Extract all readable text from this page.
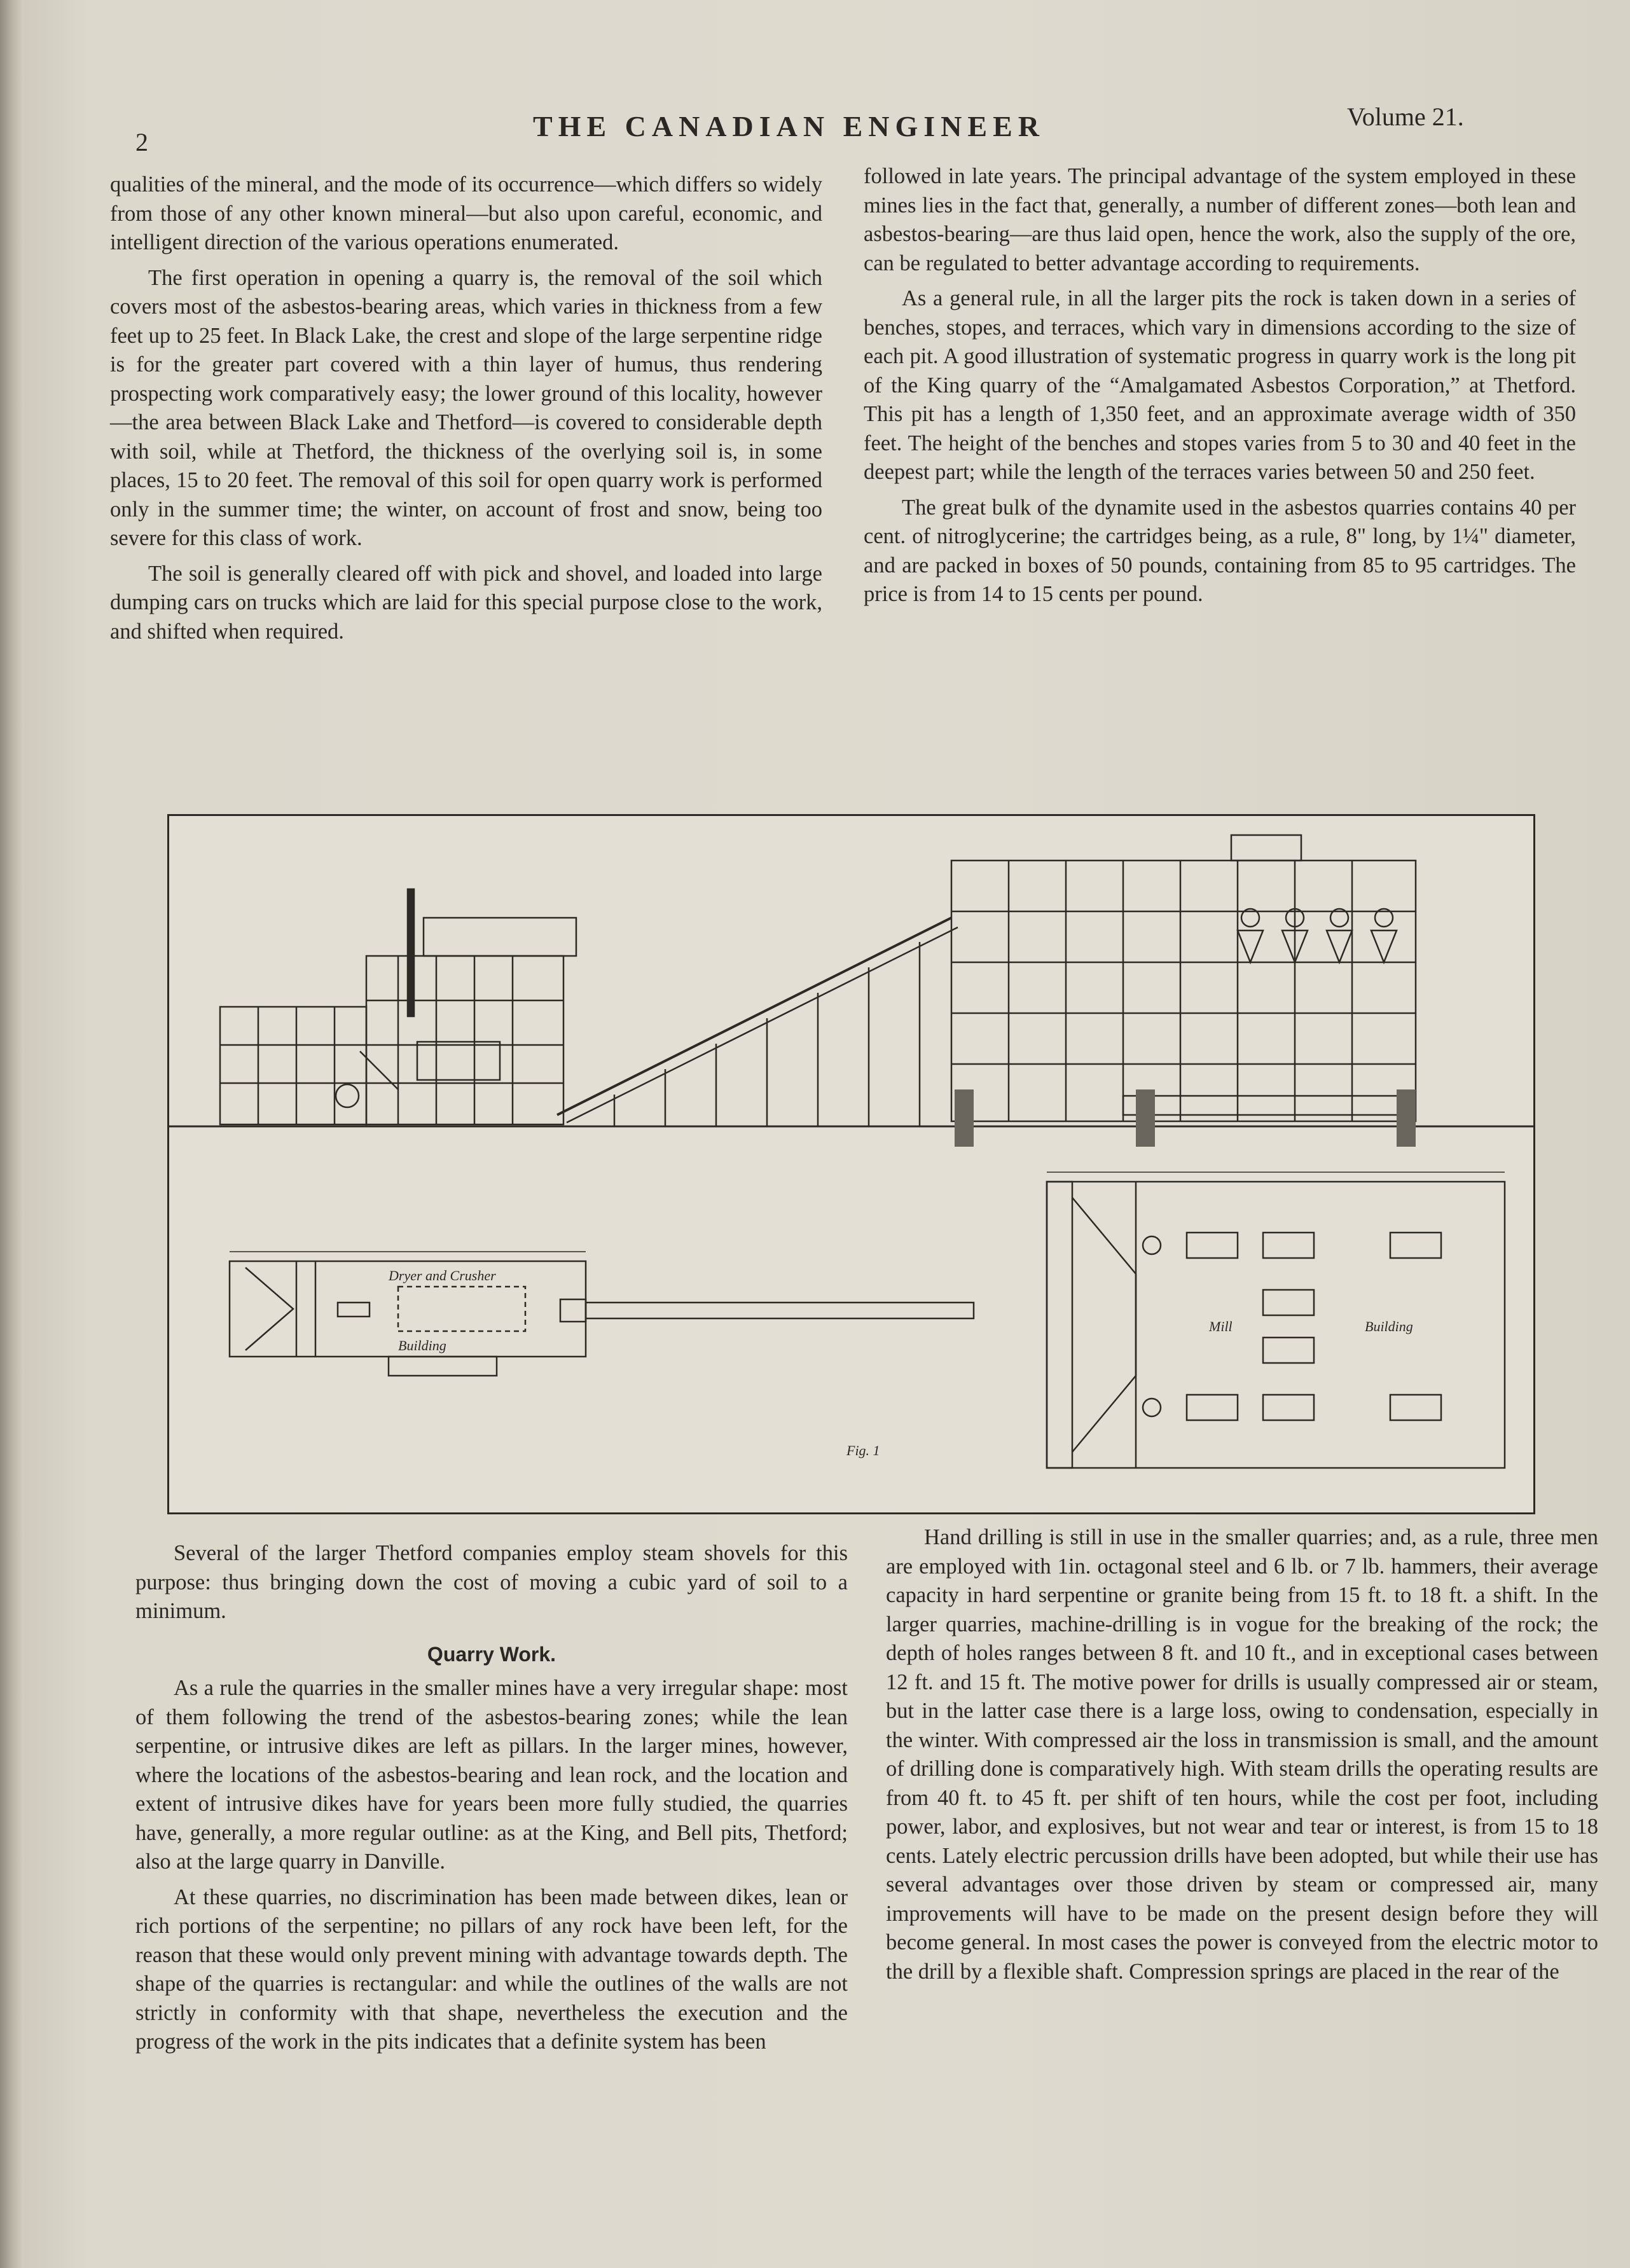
2	THE CANADIAN ENGINEER	Volume 21.

qualities of the mineral, and the mode of its occurrence—which differs so widely from those of any other known mineral—but also upon careful, economic, and intelligent direction of the various operations enumerated.

The first operation in opening a quarry is, the removal of the soil which covers most of the asbestos-bearing areas, which varies in thickness from a few feet up to 25 feet. In Black Lake, the crest and slope of the large serpentine ridge is for the greater part covered with a thin layer of humus, thus rendering prospecting work comparatively easy; the lower ground of this locality, however—the area between Black Lake and Thetford—is covered to considerable depth with soil, while at Thetford, the thickness of the overlying soil is, in some places, 15 to 20 feet. The removal of this soil for open quarry work is performed only in the summer time; the winter, on account of frost and snow, being too severe for this class of work.

The soil is generally cleared off with pick and shovel, and loaded into large dumping cars on trucks which are laid for this special purpose close to the work, and shifted when required.

followed in late years. The principal advantage of the system employed in these mines lies in the fact that, generally, a number of different zones—both lean and asbestos-bearing—are thus laid open, hence the work, also the supply of the ore, can be regulated to better advantage according to requirements.

As a general rule, in all the larger pits the rock is taken down in a series of benches, stopes, and terraces, which vary in dimensions according to the size of each pit. A good illustration of systematic progress in quarry work is the long pit of the King quarry of the “Amalgamated Asbestos Corporation,” at Thetford. This pit has a length of 1,350 feet, and an approximate average width of 350 feet. The height of the benches and stopes varies from 5 to 30 and 40 feet in the deepest part; while the length of the terraces varies between 50 and 250 feet.

The great bulk of the dynamite used in the asbestos quarries contains 40 per cent. of nitroglycerine; the cartridges being, as a rule, 8" long, by 1¼" diameter, and are packed in boxes of 50 pounds, containing from 85 to 95 cartridges. The price is from 14 to 15 cents per pound.

Dryer and Crusher
Building
Mill	Building
Fig. 1

Several of the larger Thetford companies employ steam shovels for this purpose: thus bringing down the cost of moving a cubic yard of soil to a minimum.

Quarry Work.

As a rule the quarries in the smaller mines have a very irregular shape: most of them following the trend of the asbestos-bearing zones; while the lean serpentine, or intrusive dikes are left as pillars. In the larger mines, however, where the locations of the asbestos-bearing and lean rock, and the location and extent of intrusive dikes have for years been more fully studied, the quarries have, generally, a more regular outline: as at the King, and Bell pits, Thetford; also at the large quarry in Danville.

At these quarries, no discrimination has been made between dikes, lean or rich portions of the serpentine; no pillars of any rock have been left, for the reason that these would only prevent mining with advantage towards depth. The shape of the quarries is rectangular: and while the outlines of the walls are not strictly in conformity with that shape, nevertheless the execution and the progress of the work in the pits indicates that a definite system has been

Hand drilling is still in use in the smaller quarries; and, as a rule, three men are employed with 1in. octagonal steel and 6 lb. or 7 lb. hammers, their average capacity in hard serpentine or granite being from 15 ft. to 18 ft. a shift. In the larger quarries, machine-drilling is in vogue for the breaking of the rock; the depth of holes ranges between 8 ft. and 10 ft., and in exceptional cases between 12 ft. and 15 ft. The motive power for drills is usually compressed air or steam, but in the latter case there is a large loss, owing to condensation, especially in the winter. With compressed air the loss in transmission is small, and the amount of drilling done is comparatively high. With steam drills the operating results are from 40 ft. to 45 ft. per shift of ten hours, while the cost per foot, including power, labor, and explosives, but not wear and tear or interest, is from 15 to 18 cents. Lately electric percussion drills have been adopted, but while their use has several advantages over those driven by steam or compressed air, many improvements will have to be made on the present design before they will become general. In most cases the power is conveyed from the electric motor to the drill by a flexible shaft. Compression springs are placed in the rear of the
